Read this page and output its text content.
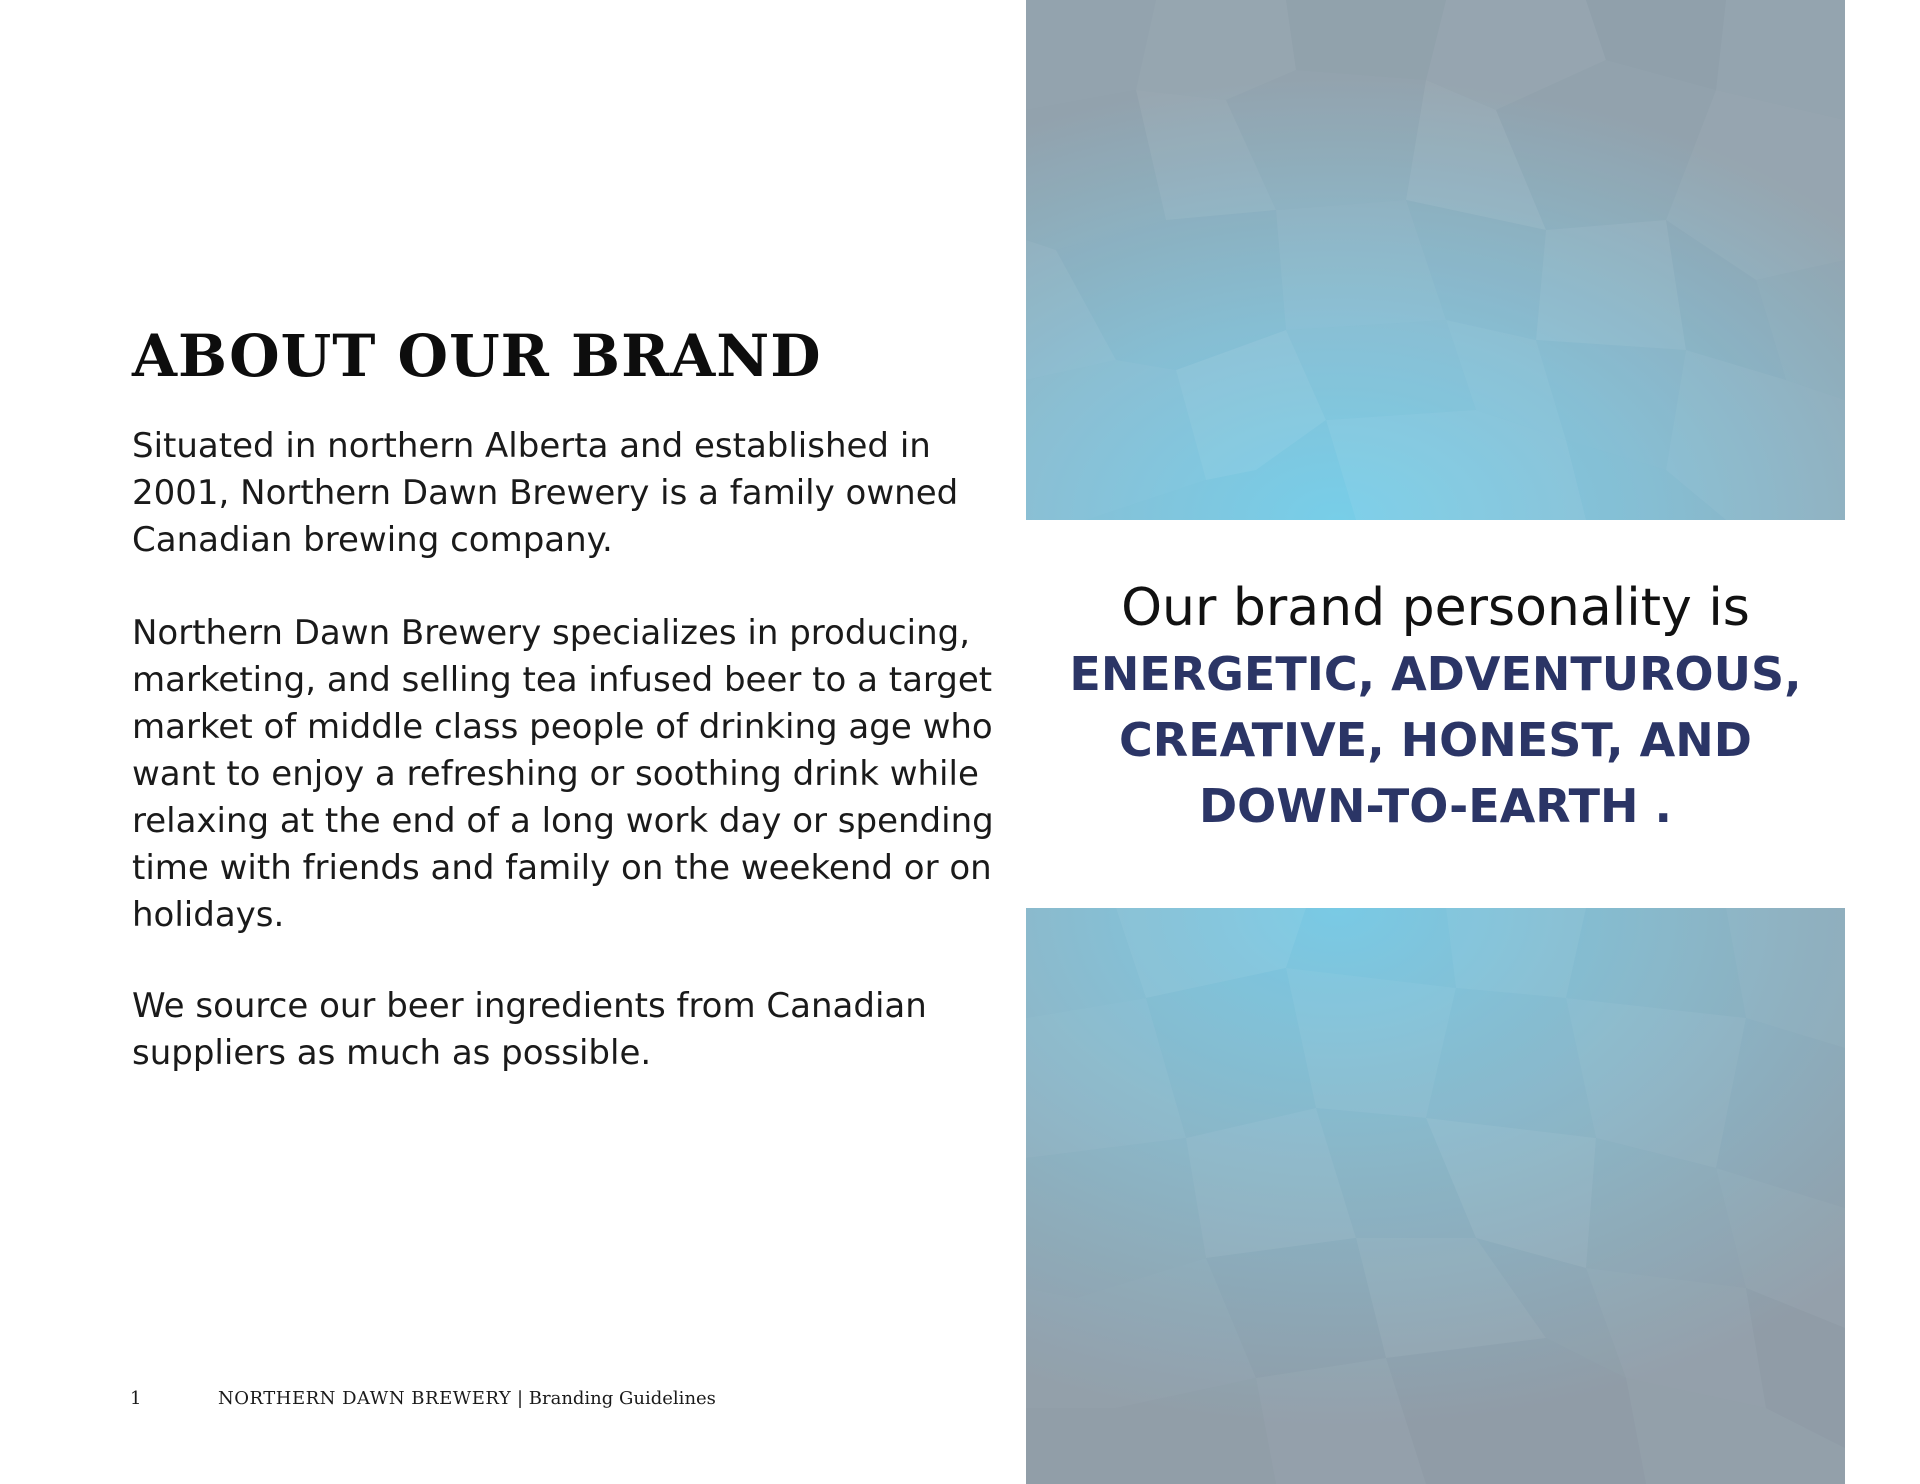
ABOUT OUR BRAND

Situated in northern Alberta and established in 2001, Northern Dawn Brewery is a family owned Canadian brewing company.

Northern Dawn Brewery specializes in producing, marketing, and selling tea infused beer to a target market of middle class people of drinking age who want to enjoy a refreshing or soothing drink while relaxing at the end of a long work day or spending time with friends and family on the weekend or on holidays.

We source our beer ingredients from Canadian suppliers as much as possible.

1	NORTHERN DAWN BREWERY | Branding Guidelines
Our brand personality is
ENERGETIC, ADVENTUROUS, CREATIVE, HONEST, AND DOWN-TO-EARTH .
